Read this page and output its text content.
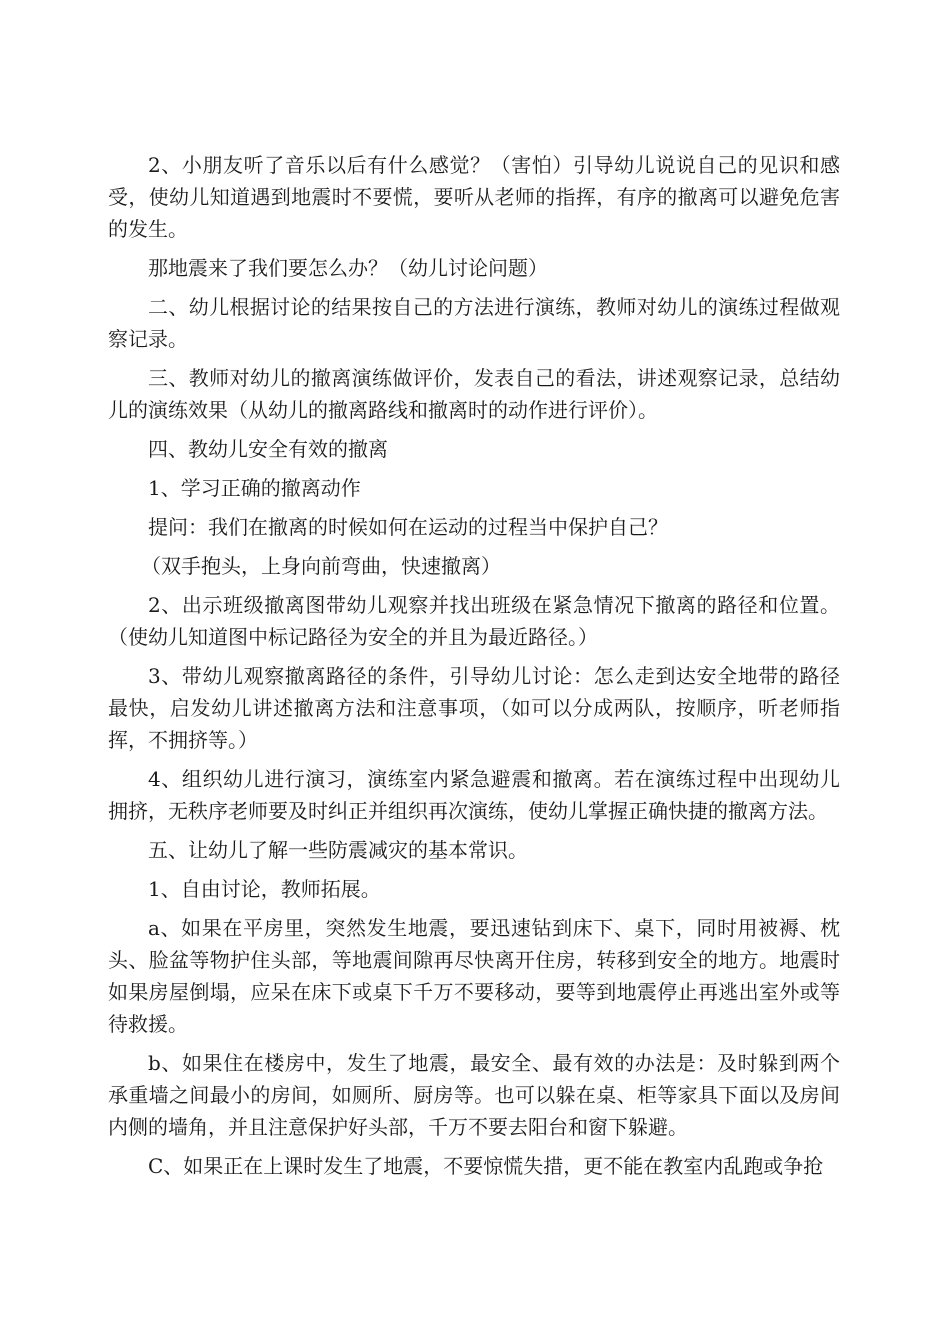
2、小朋友听了音乐以后有什么感觉？（害怕）引导幼儿说说自己的见识和感受，使幼儿知道遇到地震时不要慌，要听从老师的指挥，有序的撤离可以避免危害的发生。

那地震来了我们要怎么办？（幼儿讨论问题）

二、幼儿根据讨论的结果按自己的方法进行演练，教师对幼儿的演练过程做观察记录。

三、教师对幼儿的撤离演练做评价，发表自己的看法，讲述观察记录，总结幼儿的演练效果（从幼儿的撤离路线和撤离时的动作进行评价）。

四、教幼儿安全有效的撤离

1、学习正确的撤离动作

提问：我们在撤离的时候如何在运动的过程当中保护自己？

（双手抱头，上身向前弯曲，快速撤离）

2、出示班级撤离图带幼儿观察并找出班级在紧急情况下撤离的路径和位置。（使幼儿知道图中标记路径为安全的并且为最近路径。）

3、带幼儿观察撤离路径的条件，引导幼儿讨论：怎么走到达安全地带的路径最快，启发幼儿讲述撤离方法和注意事项，（如可以分成两队，按顺序，听老师指挥，不拥挤等。）

4、组织幼儿进行演习，演练室内紧急避震和撤离。若在演练过程中出现幼儿拥挤，无秩序老师要及时纠正并组织再次演练，使幼儿掌握正确快捷的撤离方法。

五、让幼儿了解一些防震减灾的基本常识。

1、自由讨论，教师拓展。

a、如果在平房里，突然发生地震，要迅速钻到床下、桌下，同时用被褥、枕头、脸盆等物护住头部，等地震间隙再尽快离开住房，转移到安全的地方。地震时如果房屋倒塌，应呆在床下或桌下千万不要移动，要等到地震停止再逃出室外或等待救援。

b、如果住在楼房中，发生了地震，最安全、最有效的办法是：及时躲到两个承重墙之间最小的房间，如厕所、厨房等。也可以躲在桌、柜等家具下面以及房间内侧的墙角，并且注意保护好头部，千万不要去阳台和窗下躲避。

C、如果正在上课时发生了地震，不要惊慌失措，更不能在教室内乱跑或争抢
